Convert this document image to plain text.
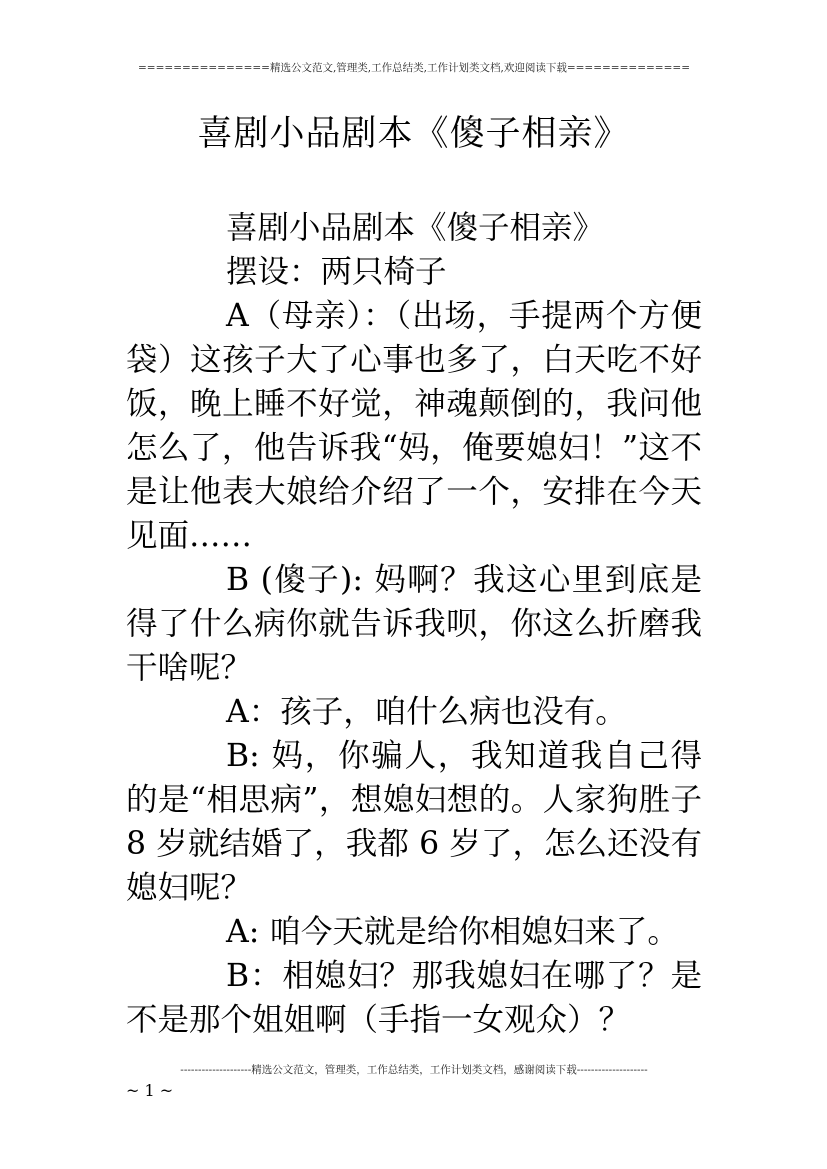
===============精选公文范文,管理类,工作总结类,工作计划类文档,欢迎阅读下载==============
喜剧小品剧本《傻子相亲》

喜剧小品剧本《傻子相亲》

摆设：两只椅子

A（母亲）：（出场，手提两个方便袋）这孩子大了心事也多了，白天吃不好饭，晚上睡不好觉，神魂颠倒的，我问他怎么了，他告诉我“妈，俺要媳妇！”这不是让他表大娘给介绍了一个，安排在今天见面……

B (傻子): 妈啊？我这心里到底是得了什么病你就告诉我呗，你这么折磨我干啥呢？

A：孩子，咱什么病也没有。

B: 妈，你骗人，我知道我自己得的是“相思病”，想媳妇想的。人家狗胜子 8 岁就结婚了，我都 6 岁了，怎么还没有媳妇呢？

A: 咱今天就是给你相媳妇来了。

B：相媳妇？那我媳妇在哪了？是不是那个姐姐啊（手指一女观众）？

--------------------精选公文范文，管理类，工作总结类，工作计划类文档，感谢阅读下载--------------------
~ 1 ~
